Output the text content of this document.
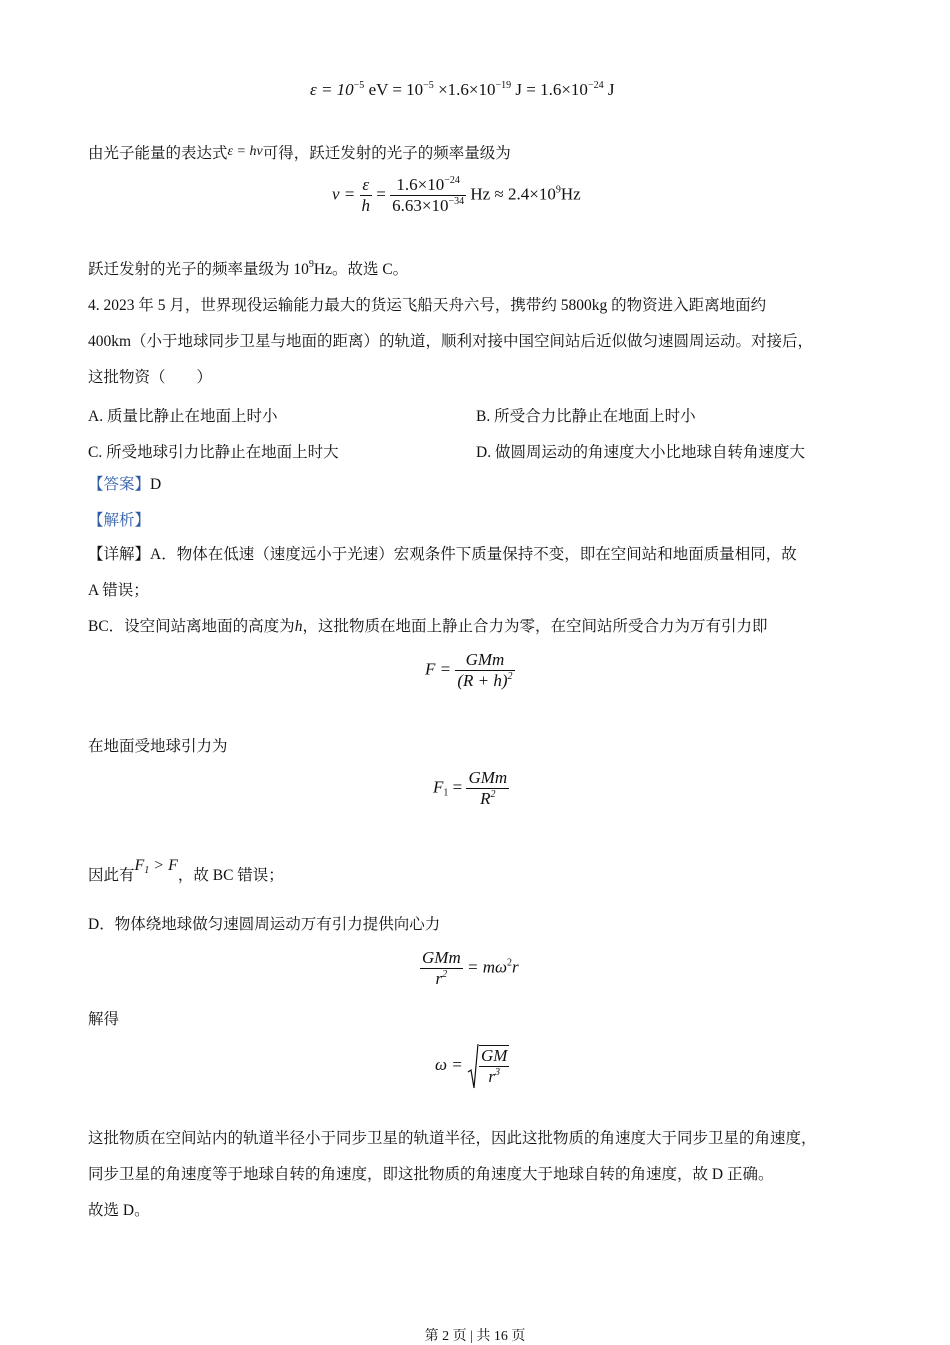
$\varepsilon = 10^{-5}$ eV = $10^{-5} \times 1.6\times 10^{-19}$ $J = 1.6\times 10^{-24}$ J
由光子能量的表达式ε = hν可得，跃迁发射的光子的频率量级为
$\nu = \frac{\varepsilon}{h} = \frac{1.6\times 10^{-24}}{6.63\times 10^{-34}}$ $Hz \approx 2.4\times 10^9Hz$
跃迁发射的光子的频率量级为 $10^9Hz$。故选 C。
4. 2023 年 5 月，世界现役运输能力最大的货运飞船天舟六号，携带约 5800kg 的物资进入距离地面约
400km（小于地球同步卫星与地面的距离）的轨道，顺利对接中国空间站后近似做匀速圆周运动。对接后，
这批物资（　　）
A. 质量比静止在地面上时小	B. 所受合力比静止在地面上时小
C. 所受地球引力比静止在地面上时大	D. 做圆周运动的角速度大小比地球自转角速度大
【答案】D
【解析】
【详解】A．物体在低速（速度远小于光速）宏观条件下质量保持不变，即在空间站和地面质量相同，故
A 错误；
BC．设空间站离地面的高度为h，这批物质在地面上静止合力为零，在空间站所受合力为万有引力即
$F = \frac{\text{GMm}}{(R + h)^2}$
在地面受地球引力为
$F_1 = \frac{\text{GMm}}{R^2}$
因此有$F_1 > F$，故 BC 错误；
D．物体绕地球做匀速圆周运动万有引力提供向心力
$\frac{\text{GMm}}{r^2} = m\omega^2r$
解得
$\omega = \frac{GM}{r^3}$
这批物质在空间站内的轨道半径小于同步卫星的轨道半径，因此这批物质的角速度大于同步卫星的角速度，
同步卫星的角速度等于地球自转的角速度，即这批物质的角速度大于地球自转的角速度，故 D 正确。
故选 D。
第 2 页 | 共 16 页
